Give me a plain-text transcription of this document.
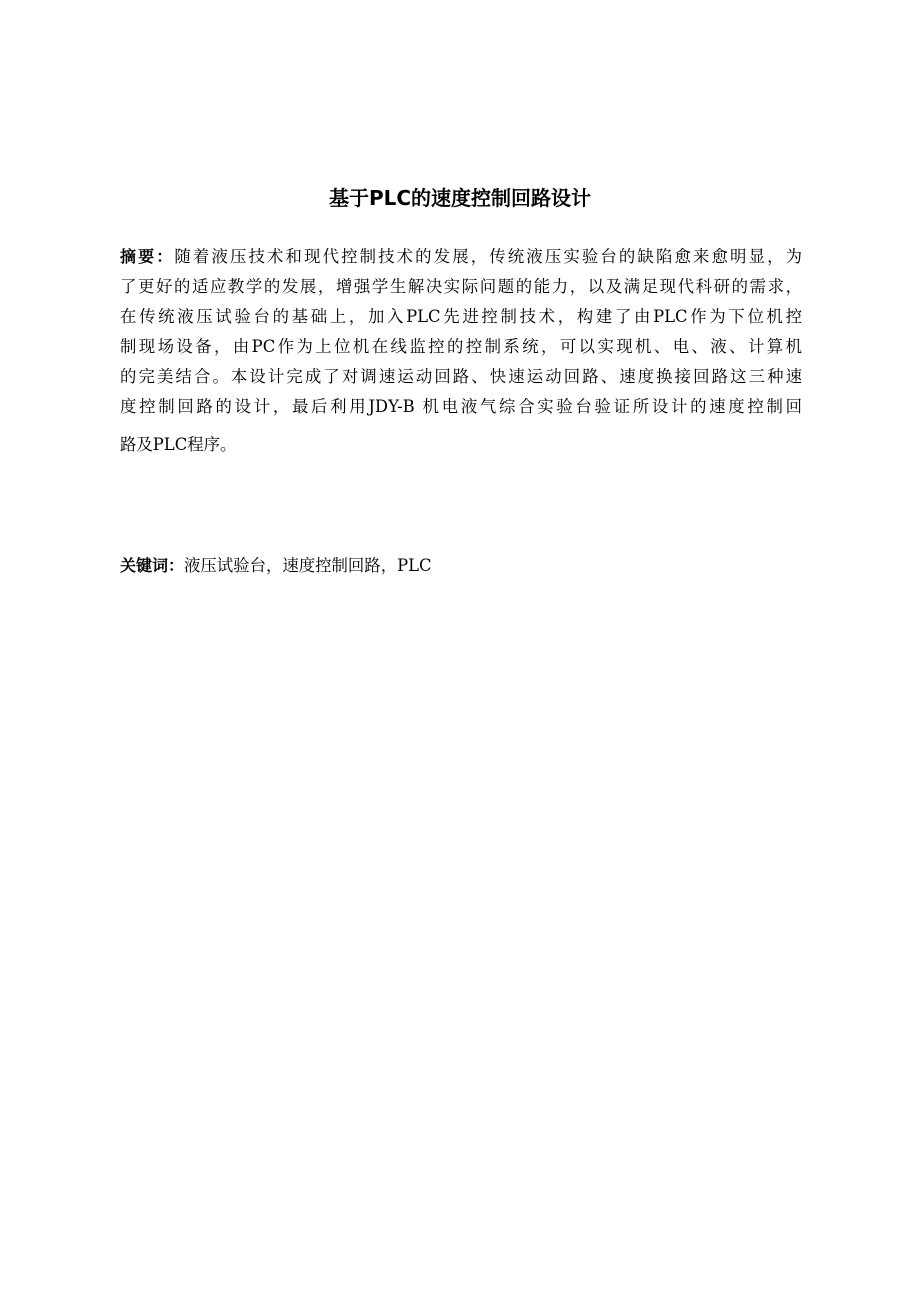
基于PLC的速度控制回路设计
摘要：随着液压技术和现代控制技术的发展，传统液压实验台的缺陷愈来愈明显，为
了更好的适应教学的发展，增强学生解决实际问题的能力，以及满足现代科研的需求，
在传统液压试验台的基础上，加入PLC先进控制技术，构建了由PLC作为下位机控
制现场设备，由PC作为上位机在线监控的控制系统，可以实现机、电、液、计算机
的完美结合。本设计完成了对调速运动回路、快速运动回路、速度换接回路这三种速
度控制回路的设计，最后利用JDY-B 机电液气综合实验台验证所设计的速度控制回
路及PLC程序。
关键词：液压试验台，速度控制回路，PLC
